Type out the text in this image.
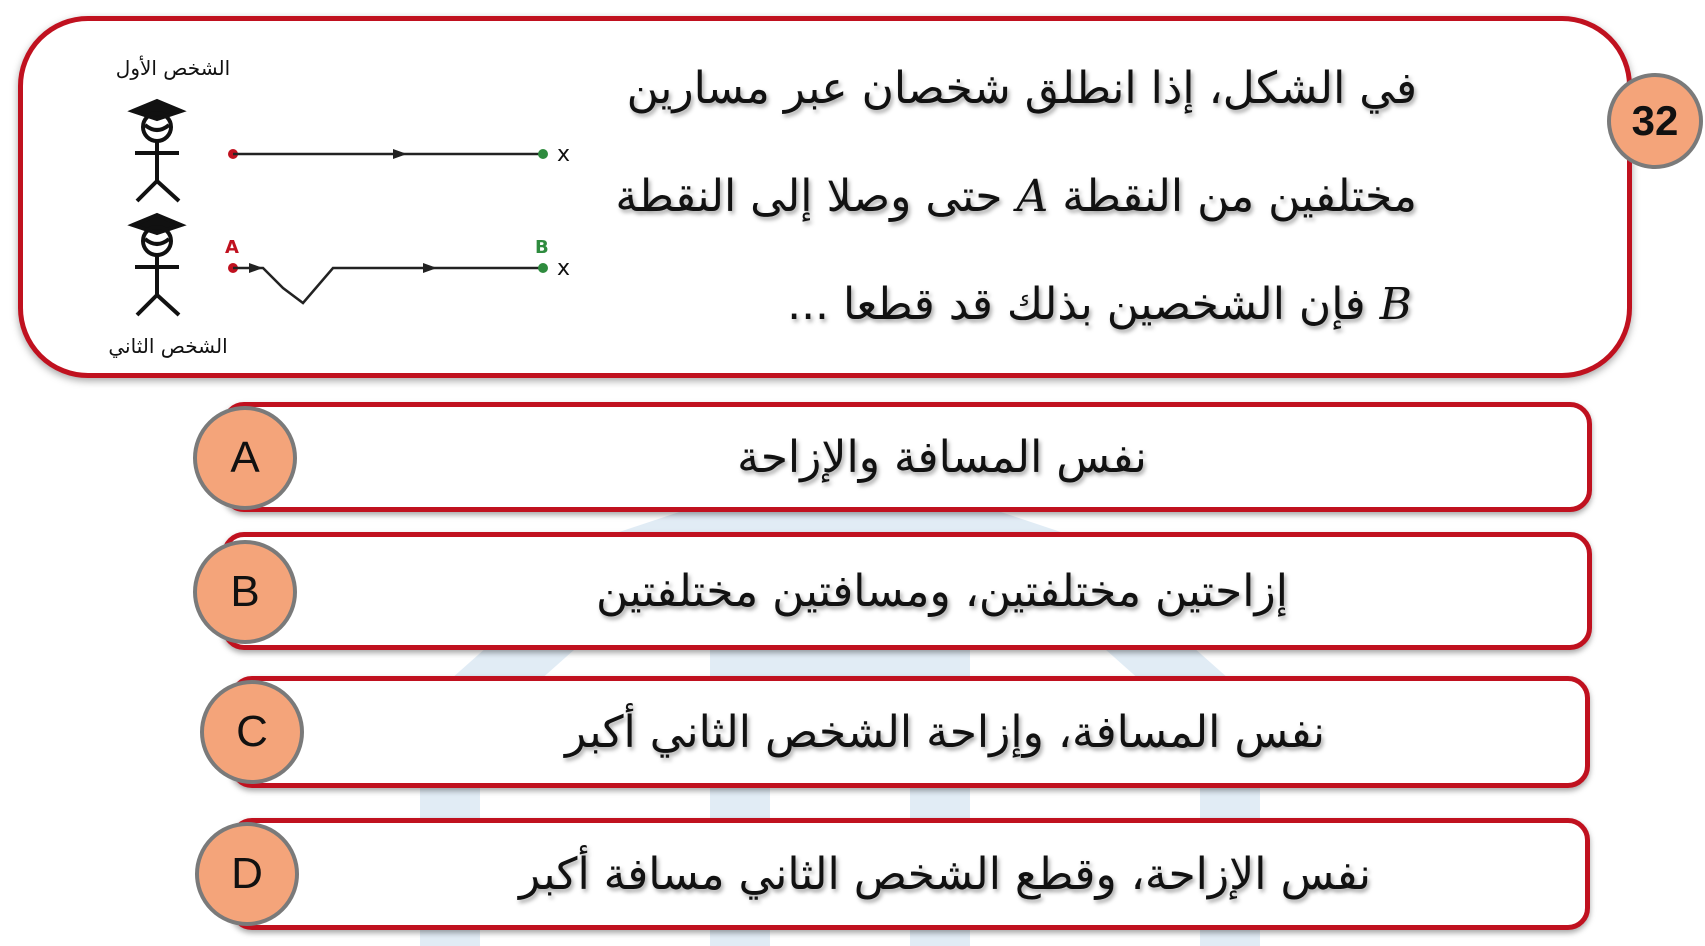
الشخص الأول
x
A	B
x
الشخص الثاني
في الشكل، إذا انطلق شخصان عبر مسارين
مختلفين من النقطة A حتى وصلا إلى النقطة
B فإن الشخصين بذلك قد قطعا ...
32
نفس المسافة والإزاحة
A
إزاحتين مختلفتين، ومسافتين مختلفتين
B
نفس المسافة، وإزاحة الشخص الثاني أكبر
C
نفس الإزاحة، وقطع الشخص الثاني مسافة أكبر
D
